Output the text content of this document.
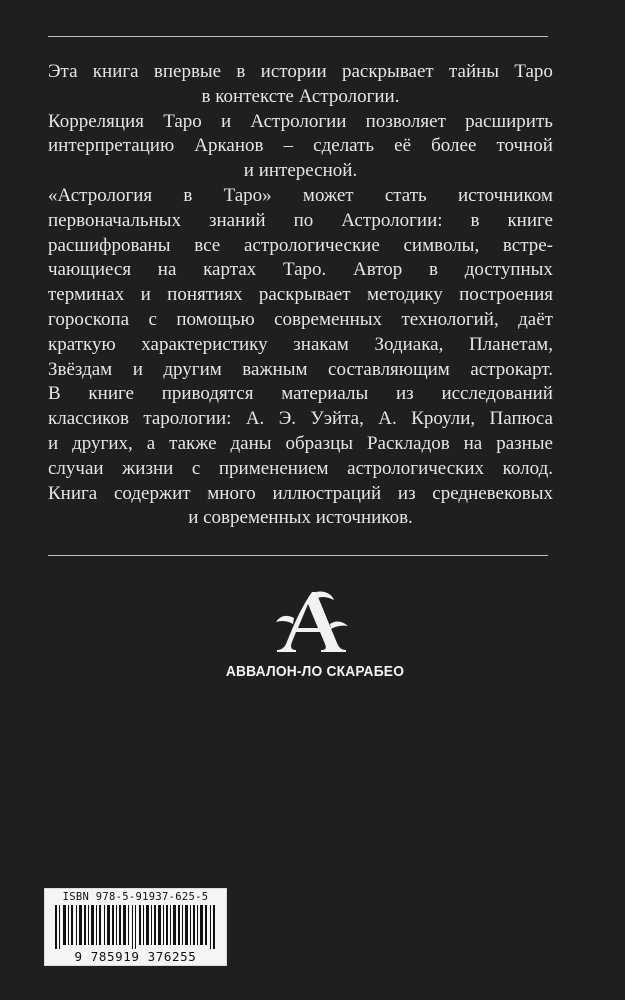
Эта книга впервые в истории раскрывает тайны Таро
в контексте Астрологии.
Корреляция Таро и Астрологии позволяет расширить
интерпретацию Арканов – сделать её более точной
и интересной.
«Астрология в Таро» может стать источником
первоначальных знаний по Астрологии: в книге
расшифрованы все астрологические символы, встре-
чающиеся на картах Таро. Автор в доступных
терминах и понятиях раскрывает методику построения
гороскопа с помощью современных технологий, даёт
краткую характеристику знакам Зодиака, Планетам,
Звёздам и другим важным составляющим астрокарт.
В книге приводятся материалы из исследований
классиков тарологии: А. Э. Уэйта, А. Кроули, Папюса
и других, а также даны образцы Раскладов на разные
случаи жизни с применением астрологических колод.
Книга содержит много иллюстраций из средневековых
и современных источников.
АВВАЛОН-ЛО СКАРАБЕО
ISBN 978-5-91937-625-5
9 785919 376255
